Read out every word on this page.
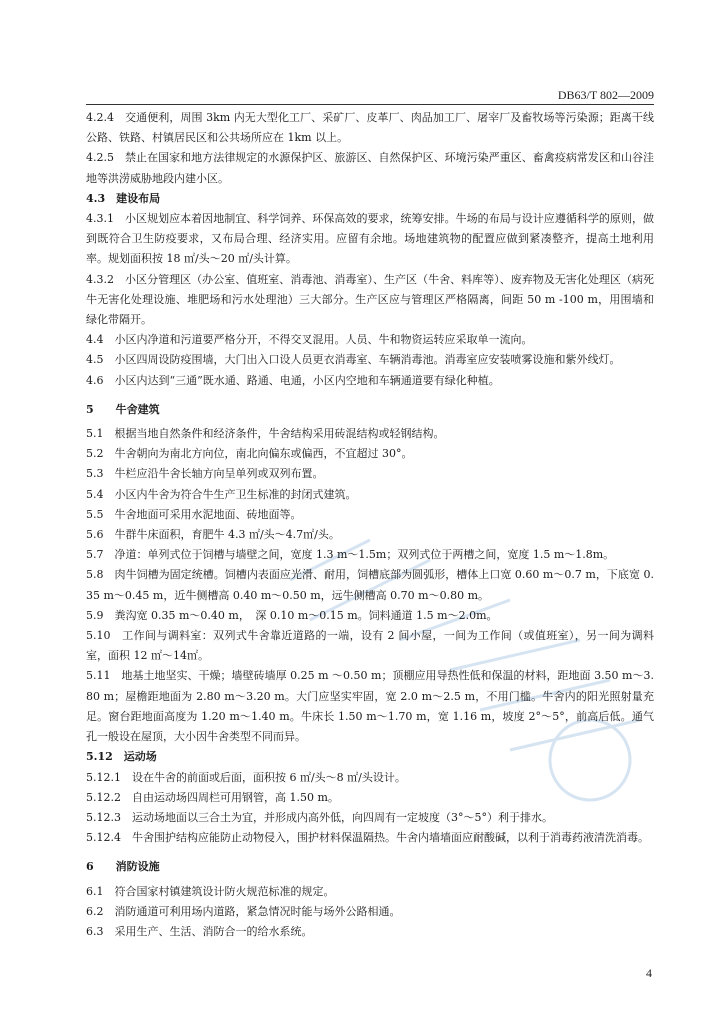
DB63/T 802—2009
4.2.4　交通便利，周围 3km 内无大型化工厂、采矿厂、皮革厂、肉品加工厂、屠宰厂及畜牧场等污染源；距离干线公路、铁路、村镇居民区和公共场所应在 1km 以上。
4.2.5　禁止在国家和地方法律规定的水源保护区、旅游区、自然保护区、环境污染严重区、畜禽疫病常发区和山谷洼地等洪涝威胁地段内建小区。
4.3　建设布局
4.3.1　小区规划应本着因地制宜、科学饲养、环保高效的要求，统筹安排。牛场的布局与设计应遵循科学的原则，做到既符合卫生防疫要求，又布局合理、经济实用。应留有余地。场地建筑物的配置应做到紧凑整齐，提高土地利用率。规划面积按 18 ㎡/头～20 ㎡/头计算。
4.3.2　小区分管理区（办公室、值班室、消毒池、消毒室）、生产区（牛舍、料库等）、废弃物及无害化处理区（病死牛无害化处理设施、堆肥场和污水处理池）三大部分。生产区应与管理区严格隔离，间距 50 m -100 m，用围墙和绿化带隔开。
4.4　小区内净道和污道要严格分开，不得交叉混用。人员、牛和物资运转应采取单一流向。
4.5　小区四周设防疫围墙，大门出入口设人员更衣消毒室、车辆消毒池。消毒室应安装喷雾设施和紫外线灯。
4.6　小区内达到“三通”既水通、路通、电通，小区内空地和车辆通道要有绿化种植。
5　　牛舍建筑
5.1　根据当地自然条件和经济条件，牛舍结构采用砖混结构或轻钢结构。
5.2　牛舍朝向为南北方向位，南北向偏东或偏西，不宜超过 30°。
5.3　牛栏应沿牛舍长轴方向呈单列或双列布置。
5.4　小区内牛舍为符合牛生产卫生标准的封闭式建筑。
5.5　牛舍地面可采用水泥地面、砖地面等。
5.6　牛群牛床面积，育肥牛 4.3 ㎡/头～4.7㎡/头。
5.7　净道：单列式位于饲槽与墙壁之间，宽度 1.3 m～1.5m；双列式位于两槽之间，宽度 1.5 m～1.8m。
5.8　肉牛饲槽为固定统槽。饲槽内表面应光滑、耐用，饲槽底部为圆弧形，槽体上口宽 0.60 m～0.7 m，下底宽 0.35 m～0.45 m，近牛侧槽高 0.40 m～0.50 m，远牛侧槽高 0.70 m～0.80 m。
5.9　粪沟宽 0.35 m～0.40 m，　深 0.10 m～0.15 m。饲料通道 1.5 m～2.0m。
5.10　工作间与调料室：双列式牛舍靠近道路的一端，设有 2 间小屋，一间为工作间（或值班室），另一间为调料室，面积 12 ㎡～14㎡。
5.11　地基土地坚实、干燥；墙壁砖墙厚 0.25 m ～0.50 m；顶棚应用导热性低和保温的材料，距地面 3.50 m～3.80 m；屋檐距地面为 2.80 m～3.20 m。大门应坚实牢固，宽 2.0 m～2.5 m，不用门槛。牛舍内的阳光照射量充足。窗台距地面高度为 1.20 m～1.40 m。牛床长 1.50 m～1.70 m，宽 1.16 m，坡度 2°～5°，前高后低。通气孔一般设在屋顶，大小因牛舍类型不同而异。
5.12　运动场
5.12.1　设在牛舍的前面或后面，面积按 6 ㎡/头～8 ㎡/头设计。
5.12.2　自由运动场四周栏可用钢管，高 1.50 m。
5.12.3　运动场地面以三合土为宜，并形成内高外低，向四周有一定坡度（3°～5°）利于排水。
5.12.4　牛舍围护结构应能防止动物侵入，围护材料保温隔热。牛舍内墙墙面应耐酸碱，以利于消毒药液清洗消毒。
6　　消防设施
6.1　符合国家村镇建筑设计防火规范标准的规定。
6.2　消防通道可利用场内道路，紧急情况时能与场外公路相通。
6.3　采用生产、生活、消防合一的给水系统。
4
